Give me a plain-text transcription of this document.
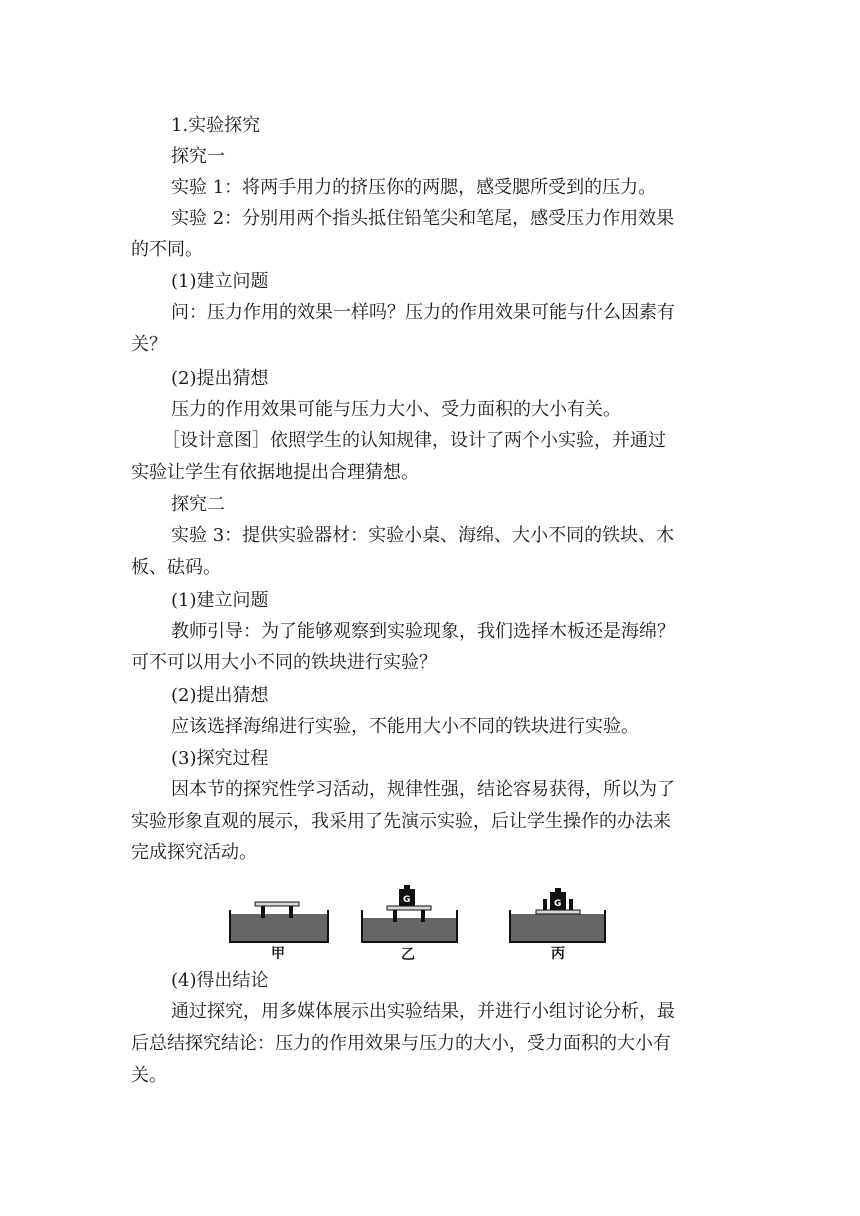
1.实验探究
探究一
实验 1：将两手用力的挤压你的两腮，感受腮所受到的压力。
实验 2：分别用两个指头抵住铅笔尖和笔尾，感受压力作用效果
的不同。
(1)建立问题
问：压力作用的效果一样吗？压力的作用效果可能与什么因素有
关？
(2)提出猜想
压力的作用效果可能与压力大小、受力面积的大小有关。
［设计意图］依照学生的认知规律，设计了两个小实验，并通过
实验让学生有依据地提出合理猜想。
探究二
实验 3：提供实验器材：实验小桌、海绵、大小不同的铁块、木
板、砝码。
(1)建立问题
教师引导：为了能够观察到实验现象，我们选择木板还是海绵？
可不可以用大小不同的铁块进行实验？
(2)提出猜想
应该选择海绵进行实验，不能用大小不同的铁块进行实验。
(3)探究过程
因本节的探究性学习活动，规律性强，结论容易获得，所以为了
实验形象直观的展示，我采用了先演示实验，后让学生操作的办法来
完成探究活动。
甲
G
乙
G
丙
(4)得出结论
通过探究，用多媒体展示出实验结果，并进行小组讨论分析，最
后总结探究结论：压力的作用效果与压力的大小，受力面积的大小有
关。
